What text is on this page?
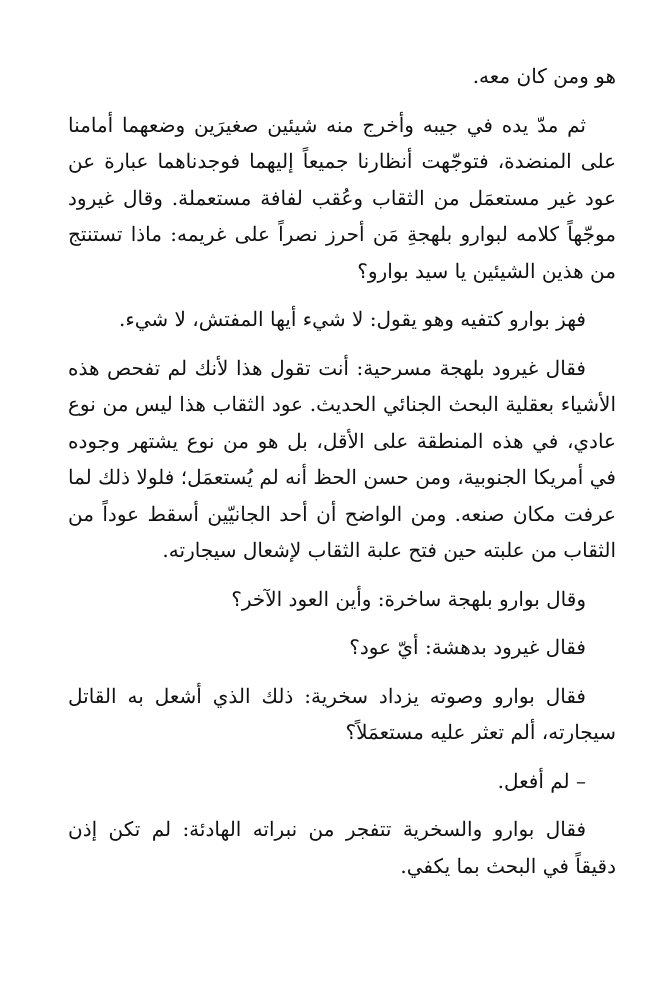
هو ومن كان معه.

ثم مدّ يده في جيبه وأخرج منه شيئين صغيرَين وضعهما أمامنا على المنضدة، فتوجّهت أنظارنا جميعاً إليهما فوجدناهما عبارة عن عود غير مستعمَل من الثقاب وعُقب لفافة مستعملة. وقال غيرود موجّهاً كلامه لبوارو بلهجةِ مَن أحرز نصراً على غريمه: ماذا تستنتج من هذين الشيئين يا سيد بوارو؟

فهز بوارو كتفيه وهو يقول: لا شيء أيها المفتش، لا شيء.

فقال غيرود بلهجة مسرحية: أنت تقول هذا لأنك لم تفحص هذه الأشياء بعقلية البحث الجنائي الحديث. عود الثقاب هذا ليس من نوع عادي، في هذه المنطقة على الأقل، بل هو من نوع يشتهر وجوده في أمريكا الجنوبية، ومن حسن الحظ أنه لم يُستعمَل؛ فلولا ذلك لما عرفت مكان صنعه. ومن الواضح أن أحد الجانيّين أسقط عوداً من الثقاب من علبته حين فتح علبة الثقاب لإشعال سيجارته.

وقال بوارو بلهجة ساخرة: وأين العود الآخر؟

فقال غيرود بدهشة: أيّ عود؟

فقال بوارو وصوته يزداد سخرية: ذلك الذي أشعل به القاتل سيجارته، ألم تعثر عليه مستعمَلاً؟

– لم أفعل.

فقال بوارو والسخرية تتفجر من نبراته الهادئة: لم تكن إذن دقيقاً في البحث بما يكفي.
